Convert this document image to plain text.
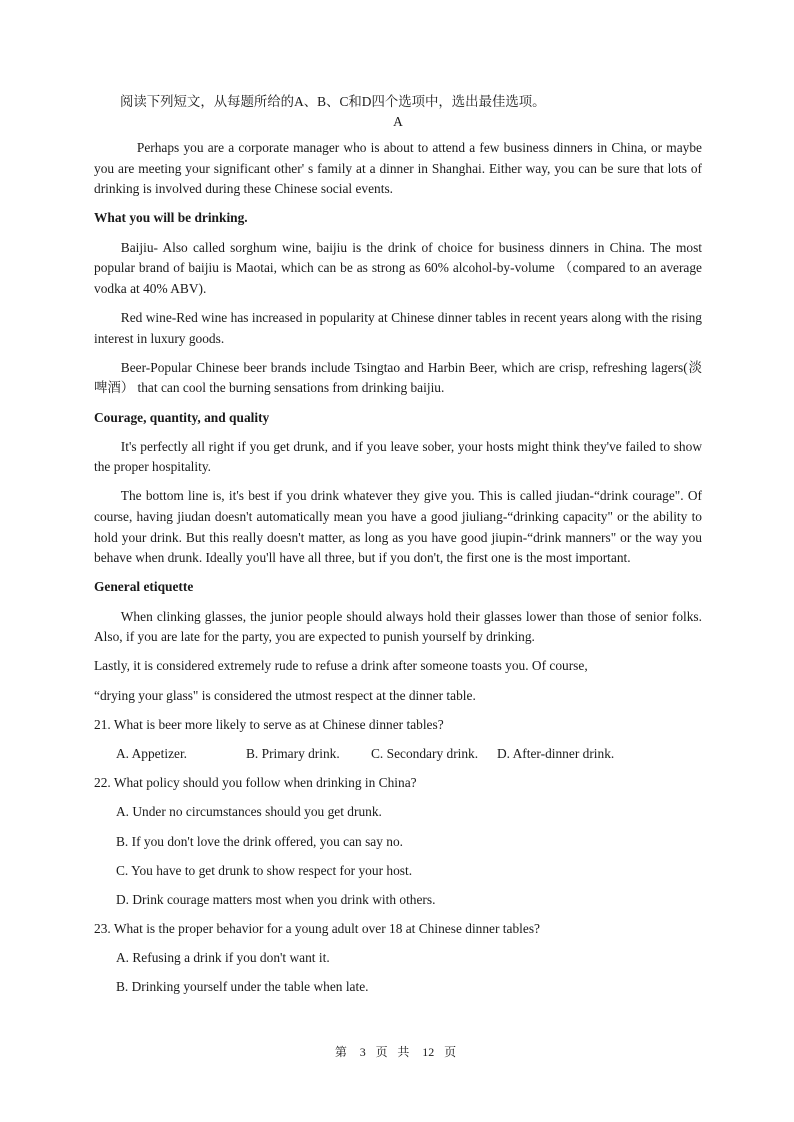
阅读下列短文，从每题所给的A、B、C和D四个选项中，选出最佳选项。

A

Perhaps you are a corporate manager who is about to attend a few business dinners in China, or maybe you are meeting your significant other' s family at a dinner in Shanghai. Either way, you can be sure that lots of drinking is involved during these Chinese social events.

What you will be drinking.

Baijiu- Also called sorghum wine, baijiu is the drink of choice for business dinners in China. The most popular brand of baijiu is Maotai, which can be as strong as 60% alcohol-by-volume （compared to an average vodka at 40% ABV).

Red wine-Red wine has increased in popularity at Chinese dinner tables in recent years along with the rising interest in luxury goods.

Beer-Popular Chinese beer brands include Tsingtao and Harbin Beer, which are crisp, refreshing lagers(淡啤酒） that can cool the burning sensations from drinking baijiu.

Courage, quantity, and quality

It's perfectly all right if you get drunk, and if you leave sober, your hosts might think they've failed to show the proper hospitality.

The bottom line is, it's best if you drink whatever they give you. This is called jiudan-“drink courage". Of course, having jiudan doesn't automatically mean you have a good jiuliang-“drinking capacity" or the ability to hold your drink. But this really doesn't matter, as long as you have good jiupin-“drink manners" or the way you behave when drunk. Ideally you'll have all three, but if you don't, the first one is the most important.

General etiquette

When clinking glasses, the junior people should always hold their glasses lower than those of senior folks. Also, if you are late for the party, you are expected to punish yourself by drinking.

Lastly, it is considered extremely rude to refuse a drink after someone toasts you. Of course,

“drying your glass" is considered the utmost respect at the dinner table.

21. What is beer more likely to serve as at Chinese dinner tables?

A. Appetizer.	B. Primary drink.	C. Secondary drink.	D. After-dinner drink.

22. What policy should you follow when drinking in China?

A. Under no circumstances should you get drunk.

B. If you don't love the drink offered, you can say no.

C. You have to get drunk to show respect for your host.

D. Drink courage matters most when you drink with others.

23. What is the proper behavior for a young adult over 18 at Chinese dinner tables?

A. Refusing a drink if you don't want it.

B. Drinking yourself under the table when late.

第 3 页 共 12 页
